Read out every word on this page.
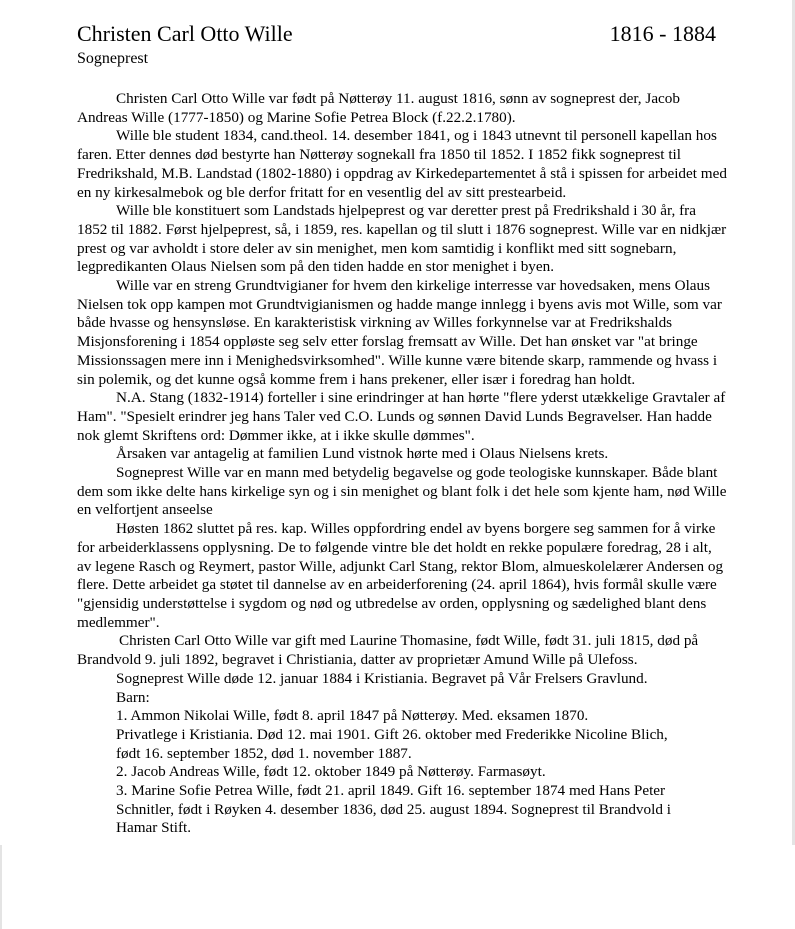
Christen Carl Otto Wille	1816 - 1884
Sogneprest

Christen Carl Otto Wille var født på Nøtterøy 11. august 1816, sønn av sogneprest der, Jacob Andreas Wille (1777-1850) og Marine Sofie Petrea Block (f.22.2.1780).

Wille ble student 1834, cand.theol. 14. desember 1841, og i 1843 utnevnt til personell kapellan hos faren. Etter dennes død bestyrte han Nøtterøy sognekall fra 1850 til 1852. I 1852 fikk sogneprest til Fredrikshald, M.B. Landstad (1802-1880) i oppdrag av Kirkedepartementet å stå i spissen for arbeidet med en ny kirkesalmebok og ble derfor fritatt for en vesentlig del av sitt prestearbeid.

Wille ble konstituert som Landstads hjelpeprest og var deretter prest på Fredrikshald i 30 år, fra 1852 til 1882. Først hjelpeprest, så, i 1859, res. kapellan og til slutt i 1876 sogneprest. Wille var en nidkjær prest og var avholdt i store deler av sin menighet, men kom samtidig i konflikt med sitt sognebarn, legpredikanten Olaus Nielsen som på den tiden hadde en stor menighet i byen.

Wille var en streng Grundtvigianer for hvem den kirkelige interresse var hovedsaken, mens Olaus Nielsen tok opp kampen mot Grundtvigianismen og hadde mange innlegg i byens avis mot Wille, som var både hvasse og hensynsløse. En karakteristisk virkning av Willes forkynnelse var at Fredrikshalds Misjonsforening i 1854 oppløste seg selv etter forslag fremsatt av Wille. Det han ønsket var "at bringe Missionssagen mere inn i Menighedsvirksomhed". Wille kunne være bitende skarp, rammende og hvass i sin polemik, og det kunne også komme frem i hans prekener, eller især i foredrag han holdt.

N.A. Stang (1832-1914) forteller i sine erindringer at han hørte "flere yderst utækkelige Gravtaler af Ham". "Spesielt erindrer jeg hans Taler ved C.O. Lunds og sønnen David Lunds Begravelser. Han hadde nok glemt Skriftens ord: Dømmer ikke, at i ikke skulle dømmes".

Årsaken var antagelig at familien Lund vistnok hørte med i Olaus Nielsens krets.

Sogneprest Wille var en mann med betydelig begavelse og gode teologiske kunnskaper. Både blant dem som ikke delte hans kirkelige syn og i sin menighet og blant folk i det hele som kjente ham, nød Wille en velfortjent anseelse

Høsten 1862 sluttet på res. kap. Willes oppfordring endel av byens borgere seg sammen for å virke for arbeiderklassens opplysning. De to følgende vintre ble det holdt en rekke populære foredrag, 28 i alt, av legene Rasch og Reymert, pastor Wille, adjunkt Carl Stang, rektor Blom, almueskolelærer Andersen og flere. Dette arbeidet ga støtet til dannelse av en arbeiderforening (24. april 1864), hvis formål skulle være "gjensidig understøttelse i sygdom og nød og utbredelse av orden, opplysning og sædelighed blant dens medlemmer".

Christen Carl Otto Wille var gift med Laurine Thomasine, født Wille, født 31. juli 1815, død på Brandvold 9. juli 1892, begravet i Christiania, datter av proprietær Amund Wille på Ulefoss.

Sogneprest Wille døde 12. januar 1884 i Kristiania. Begravet på Vår Frelsers Gravlund.

Barn:
1. Ammon Nikolai Wille, født 8. april 1847 på Nøtterøy. Med. eksamen 1870.
Privatlege i Kristiania. Død 12. mai 1901. Gift 26. oktober med Frederikke Nicoline Blich,
født 16. september 1852, død 1. november 1887.
2. Jacob Andreas Wille, født 12. oktober 1849 på Nøtterøy. Farmasøyt.
3. Marine Sofie Petrea Wille, født 21. april 1849. Gift 16. september 1874 med Hans Peter
Schnitler, født i Røyken 4. desember 1836, død 25. august 1894. Sogneprest til Brandvold i
Hamar Stift.
